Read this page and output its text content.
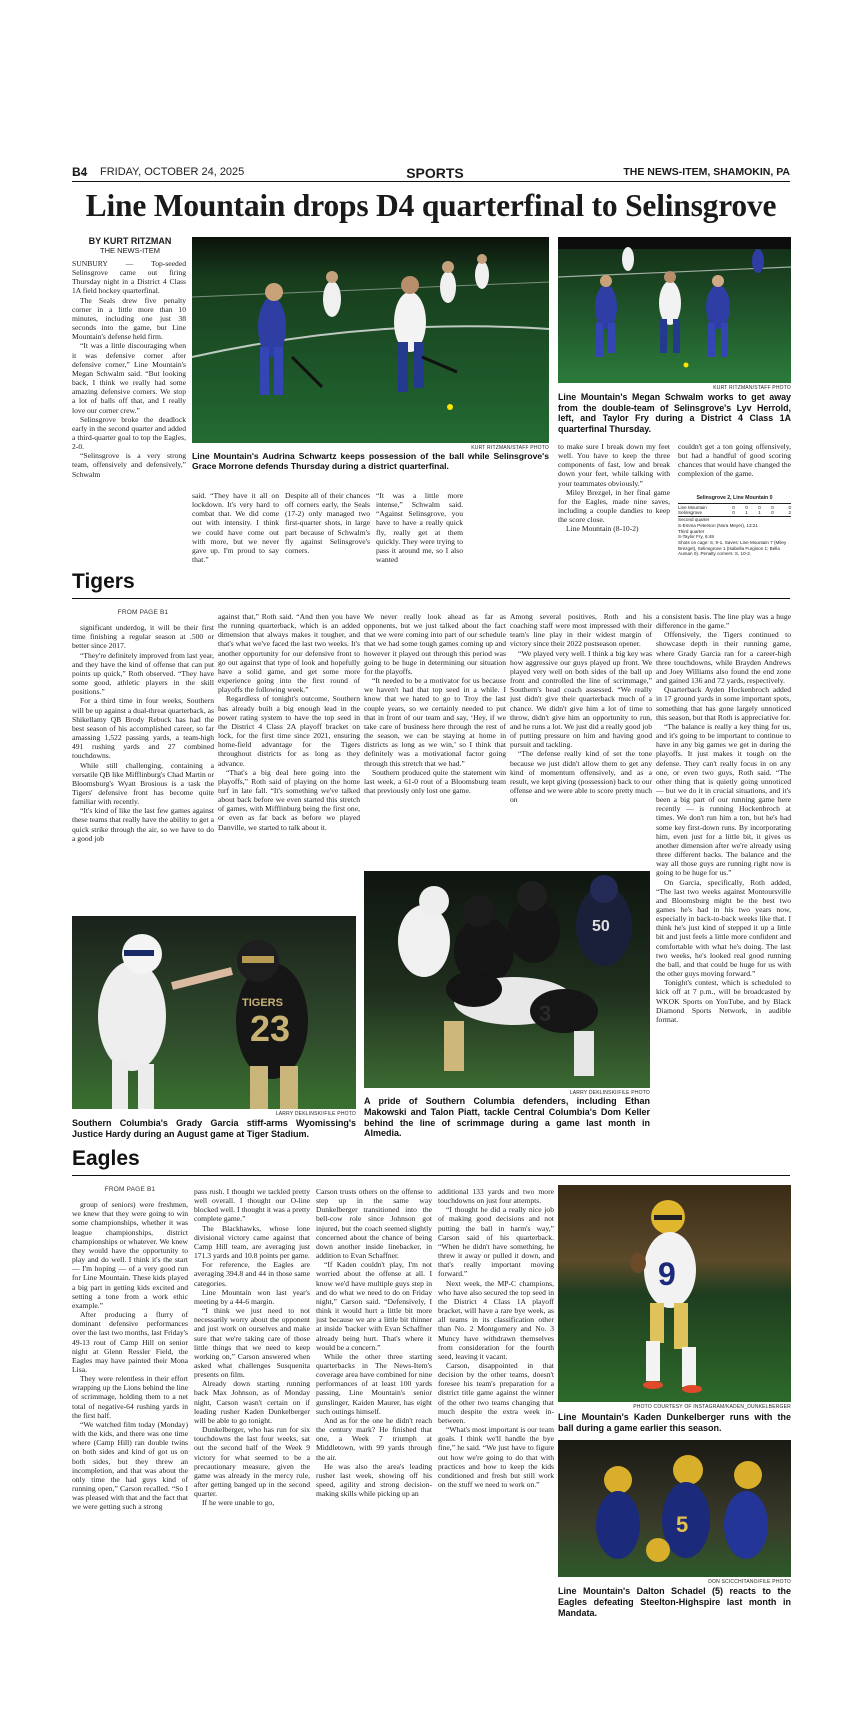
B4 FRIDAY, OCTOBER 24, 2025	SPORTS	THE NEWS-ITEM, SHAMOKIN, PA
Line Mountain drops D4 quarterfinal to Selinsgrove
BY KURT RITZMAN
THE NEWS-ITEM

SUNBURY — Top-seeded Selinsgrove came out firing Thursday night in a District 4 Class 1A field hockey quarterfinal.

The Seals drew five penalty corner in a little more than 10 minutes, including one just 38 seconds into the game, but Line Mountain's defense held firm.

“It was a little discouraging when it was defensive corner after defensive corner,” Line Mountain's Megan Schwalm said. “But looking back, I think we really had some amazing defensive corners. We stop a lot of balls off that, and I really love our corner crew.”

Selinsgrove broke the deadlock early in the second quarter and added a third-quarter goal to top the Eagles, 2-0.

“Selinsgrove is a very strong team, offensively and defensively,” Schwalm

KURT RITZMAN/STAFF PHOTO
Line Mountain's Audrina Schwartz keeps possession of the ball while Selinsgrove's Grace Morrone defends Thursday during a district quarterfinal.

said. “They have it all on lockdown. It's very hard to combat that. We did come out with intensity. I think we could have come out with more, but we never gave up. I'm proud to say that.”

Despite all of their chances off corners early, the Seals (17-2) only managed two first-quarter shots, in large part because of Schwalm's fly against Selinsgrove's corners.

“It was a little more intense,” Schwalm said. “Against Selinsgrove, you have to have a really quick fly, really get at them quickly. They were trying to pass it around me, so I also wanted

KURT RITZMAN/STAFF PHOTO
Line Mountain's Megan Schwalm works to get away from the double-team of Selinsgrove's Lyv Herrold, left, and Taylor Fry during a District 4 Class 1A quarterfinal Thursday.

to make sure I break down my feet well. You have to keep the three components of fast, low and break down your feet, while talking with your teammates obviously.”

Miley Brezgel, in her final game for the Eagles, made nine saves, including a couple dandies to keep the score close.

Line Mountain (8-10-2)

couldn't get a ton going offensively, but had a handful of good scoring chances that would have changed the complexion of the game.

Selinsgrove 2, Line Mountain 0
Line Mountain	0	0	0	0	0
Selinsgrove	0	1	1	0	2
Second quarter
S-Emma Peterson (Nora Meyer), 13:21
Third quarter
S-Taylor Fry, 6:48
Shots on cage: S, 9-1. Saves: Line Mountain 7 (Miley Brezgel), Selinsgrove 1 (Isabella Furgison 1; Bella Auman 0). Penalty corners: S, 10-2.
Tigers

FROM PAGE B1

significant underdog, it will be their first time finishing a regular season at .500 or better since 2017.

“They're definitely improved from last year, and they have the kind of offense that can put points up quick,” Roth observed. “They have some good, athletic players in the skill positions.”

For a third time in four weeks, Southern will be up against a dual-threat quarterback, as Shikellamy QB Brody Rebuck has had the best season of his accomplished career, so far amassing 1,522 passing yards, a team-high 491 rushing yards and 27 combined touchdowns.

While still challenging, containing a versatile QB like Mifflinburg's Chad Martin or Bloomsburg's Wyatt Brosious is a task the Tigers' defensive front has become quite familiar with recently.

“It's kind of like the last few games against these teams that really have the ability to get a quick strike through the air, so we have to do a good job

against that,” Roth said. “And then you have the running quarterback, which is an added dimension that always makes it tougher, and that's what we've faced the last two weeks. It's another opportunity for our defensive front to go out against that type of look and hopefully have a solid game, and get some more experience going into the first round of playoffs the following week.”

Regardless of tonight's outcome, Southern has already built a big enough lead in the power rating system to have the top seed in the District 4 Class 2A playoff bracket on lock, for the first time since 2021, ensuring home-field advantage for the Tigers throughout districts for as long as they advance.

“That's a big deal here going into the playoffs,” Roth said of playing on the home turf in late fall. “It's something we've talked about back before we even started this stretch of games, with Mifflinburg being the first one, or even as far back as before we played Danville, we started to talk about it.

We never really look ahead as far as opponents, but we just talked about the fact that we were coming into part of our schedule that we had some tough games coming up and however it played out through this period was going to be huge in determining our situation for the playoffs.

“It needed to be a motivator for us because we haven't had that top seed in a while. I know that we hated to go to Troy the last couple years, so we certainly needed to put that in front of our team and say, ‘Hey, if we take care of business here through the rest of the season, we can be staying at home in districts as long as we win,’ so I think that definitely was a motivational factor going through this stretch that we had.”

Southern produced quite the statement win last week, a 61-0 rout of a Bloomsburg team that previously only lost one game.

Among several positives, Roth and his coaching staff were most impressed with their team's line play in their widest margin of victory since their 2022 postseason opener.

“We played very well. I think a big key was how aggressive our guys played up front. We played very well on both sides of the ball up front and controlled the line of scrimmage,” Southern's head coach assessed. “We really just didn't give their quarterback much of a chance. We didn't give him a lot of time to throw, didn't give him an opportunity to run, and he runs a lot. We just did a really good job of putting pressure on him and having good pursuit and tackling.

“The defense really kind of set the tone because we just didn't allow them to get any kind of momentum offensively, and as a result, we kept giving (possession) back to our offense and we were able to score pretty much on

a consistent basis. The line play was a huge difference in the game.”

Offensively, the Tigers continued to showcase depth in their running game, where Grady Garcia ran for a career-high three touchdowns, while Brayden Andrews and Joey Williams also found the end zone and gained 136 and 72 yards, respectively.

Quarterback Ayden Hockenbroch added in 17 ground yards in some important spots, something that has gone largely unnoticed this season, but that Roth is appreciative for.

“The balance is really a key thing for us, and it's going to be important to continue to have in any big games we get in during the playoffs. It just makes it tough on the defense. They can't really focus in on any one, or even two guys, Roth said. “The other thing that is quietly going unnoticed — but we do it in crucial situations, and it's been a big part of our running game here recently — is running Hockenbroch at times. We don't run him a ton, but he's had some key first-down runs. By incorporating him, even just for a little bit, it gives us another dimension after we're already using three different backs. The balance and the way all those guys are running right now is going to be huge for us.”

On Garcia, specifically, Roth added, “The last two weeks against Montoursville and Bloomsburg might be the best two games he's had in his two years now, especially in back-to-back weeks like that. I think he's just kind of stepped it up a little bit and just feels a little more confident and comfortable with what he's doing. The last two weeks, he's looked real good running the ball, and that could be huge for us with the other guys moving forward.”

Tonight's contest, which is scheduled to kick off at 7 p.m., will be broadcasted by WKOK Sports on YouTube, and by Black Diamond Sports Network, in audible format.

23
TIGERS
LARRY DEKLINSKI/FILE PHOTO
Southern Columbia's Grady Garcia stiff-arms Wyomissing's Justice Hardy during an August game at Tiger Stadium.
50
3
LARRY DEKLINSKI/FILE PHOTO
A pride of Southern Columbia defenders, including Ethan Makowski and Talon Piatt, tackle Central Columbia's Dom Keller behind the line of scrimmage during a game last month in Almedia.
Eagles

FROM PAGE B1

group of seniors) were freshmen, we knew that they were going to win some championships, whether it was league championships, district championships or whatever. We knew they would have the opportunity to play and do well. I think it's the start — I'm hoping — of a very good run for Line Mountain. These kids played a big part in getting kids excited and setting a tone from a work ethic example.”

After producing a flurry of dominant defensive performances over the last two months, last Friday's 49-13 rout of Camp Hill on senior night at Glenn Ressler Field, the Eagles may have painted their Mona Lisa.

They were relentless in their effort wrapping up the Lions behind the line of scrimmage, holding them to a net total of negative-64 rushing yards in the first half.

“We watched film today (Monday) with the kids, and there was one time where (Camp Hill) ran double twins on both sides and kind of got us on both sides, but they threw an incompletion, and that was about the only time the had guys kind of running open,” Carson recalled. “So I was pleased with that and the fact that we were getting such a strong

pass rush. I thought we tackled pretty well overall. I thought our O-line blocked well. I thought it was a pretty complete game.”

The Blackhawks, whose lone divisional victory came against that Camp Hill team, are averaging just 171.3 yards and 10.8 points per game.

For reference, the Eagles are averaging 394.8 and 44 in those same categories.

Line Mountain won last year's meeting by a 44-6 margin.

“I think we just need to not necessarily worry about the opponent and just work on ourselves and make sure that we're taking care of those little things that we need to keep working on,” Carson answered when asked what challenges Susquenita presents on film.

Already down starting running back Max Johnson, as of Monday night, Carson wasn't certain on if leading rusher Kaden Dunkelberger will be able to go tonight.

Dunkelberger, who has run for six touchdowns the last four weeks, sat out the second half of the Week 9 victory for what seemed to be a precautionary measure, given the game was already in the mercy rule, after getting banged up in the second quarter.

If he were unable to go,

Carson trusts others on the offense to step up in the same way Dunkelberger transitioned into the bell-cow role since Johnson got injured, but the coach seemed slightly concerned about the chance of being down another inside linebacker, in addition to Evan Schaffner.

“If Kaden couldn't play, I'm not worried about the offense at all. I know we'd have multiple guys step in and do what we need to do on Friday night,” Carson said. “Defensively, I think it would hurt a little bit more just because we are a little bit thinner at inside 'backer with Evan Schaffner already being hurt. That's where it would be a concern.”

While the other three starting quarterbacks in The News-Item's coverage area have combined for nine performances of at least 100 yards passing, Line Mountain's senior gunslinger, Kaiden Maurer, has eight such outings himself.

And as for the one he didn't reach the century mark? He finished that one, a Week 7 triumph at Middletown, with 99 yards through the air.

He was also the area's leading rusher last week, showing off his speed, agility and strong decision-making skills while picking up an

additional 133 yards and two more touchdowns on just four attempts.

“I thought he did a really nice job of making good decisions and not putting the ball in harm's way,” Carson said of his quarterback. “When he didn't have something, he threw it away or pulled it down, and that's really important moving forward.”

Next week, the MP-C champions, who have also secured the top seed in the District 4 Class 1A playoff bracket, will have a rare bye week, as all teams in its classification other than No. 2 Montgomery and No. 3 Muncy have withdrawn themselves from consideration for the fourth seed, leaving it vacant.

Carson, disappointed in that decision by the other teams, doesn't foresee his team's preparation for a district title game against the winner of the other two teams changing that much despite the extra week in-between.

“What's most important is our team goals. I think we'll handle the bye fine,” he said. “We just have to figure out how we're going to do that with practices and how to keep the kids conditioned and fresh but still work on the stuff we need to work on.”

9
PHOTO COURTESY OF INSTAGRAM/KADEN_DUNKELBERGER
Line Mountain's Kaden Dunkelberger runs with the ball during a game earlier this season.
5
DON SCICCHITANO/FILE PHOTO
Line Mountain's Dalton Schadel (5) reacts to the Eagles defeating Steelton-Highspire last month in Mandata.
